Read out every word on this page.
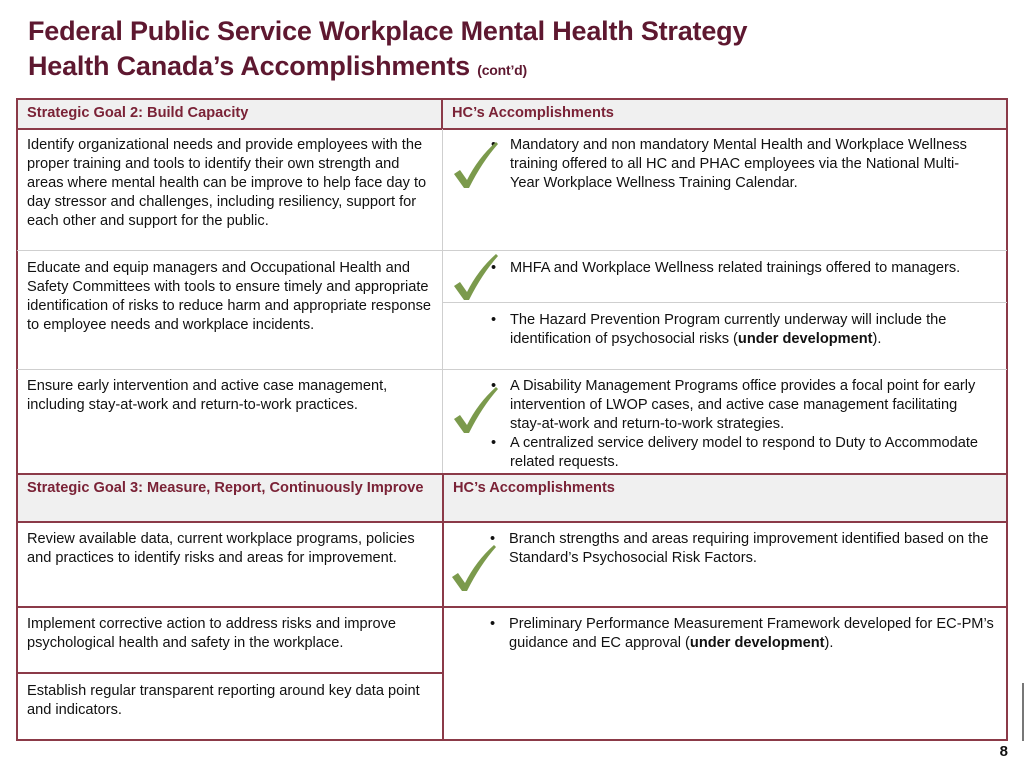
Federal Public Service Workplace Mental Health Strategy
Health Canada’s Accomplishments (cont’d)
Strategic Goal 2: Build Capacity	HC’s Accomplishments
Identify organizational needs and provide employees with the proper training and tools to identify their own strength and areas where mental health can be improve to help face day to day stressor and challenges, including resiliency, support for each other and support for the public.
• Mandatory and non mandatory Mental Health and Workplace Wellness training offered to all HC and PHAC employees via the National Multi-Year Workplace Wellness Training Calendar.
Educate and equip managers and Occupational Health and Safety Committees with tools to ensure timely and appropriate identification of risks to reduce harm and appropriate response to employee needs and workplace incidents.
• MHFA and Workplace Wellness related trainings offered to managers.
• The Hazard Prevention Program currently underway will include the identification of psychosocial risks (under development).
Ensure early intervention and active case management, including stay-at-work and return-to-work practices.
• A Disability Management Programs office provides a focal point for early intervention of LWOP cases, and active case management facilitating stay-at-work and return-to-work strategies.
• A centralized service delivery model to respond to Duty to Accommodate related requests.
Strategic Goal 3: Measure, Report, Continuously Improve	HC’s Accomplishments
Review available data, current workplace programs, policies and practices to identify risks and areas for improvement.
• Branch strengths and areas requiring improvement identified based on the Standard’s Psychosocial Risk Factors.
Implement corrective action to address risks and improve psychological health and safety in the workplace.
• Preliminary Performance Measurement Framework developed for EC-PM’s guidance and EC approval (under development).
Establish regular transparent reporting around key data point and indicators.
8
